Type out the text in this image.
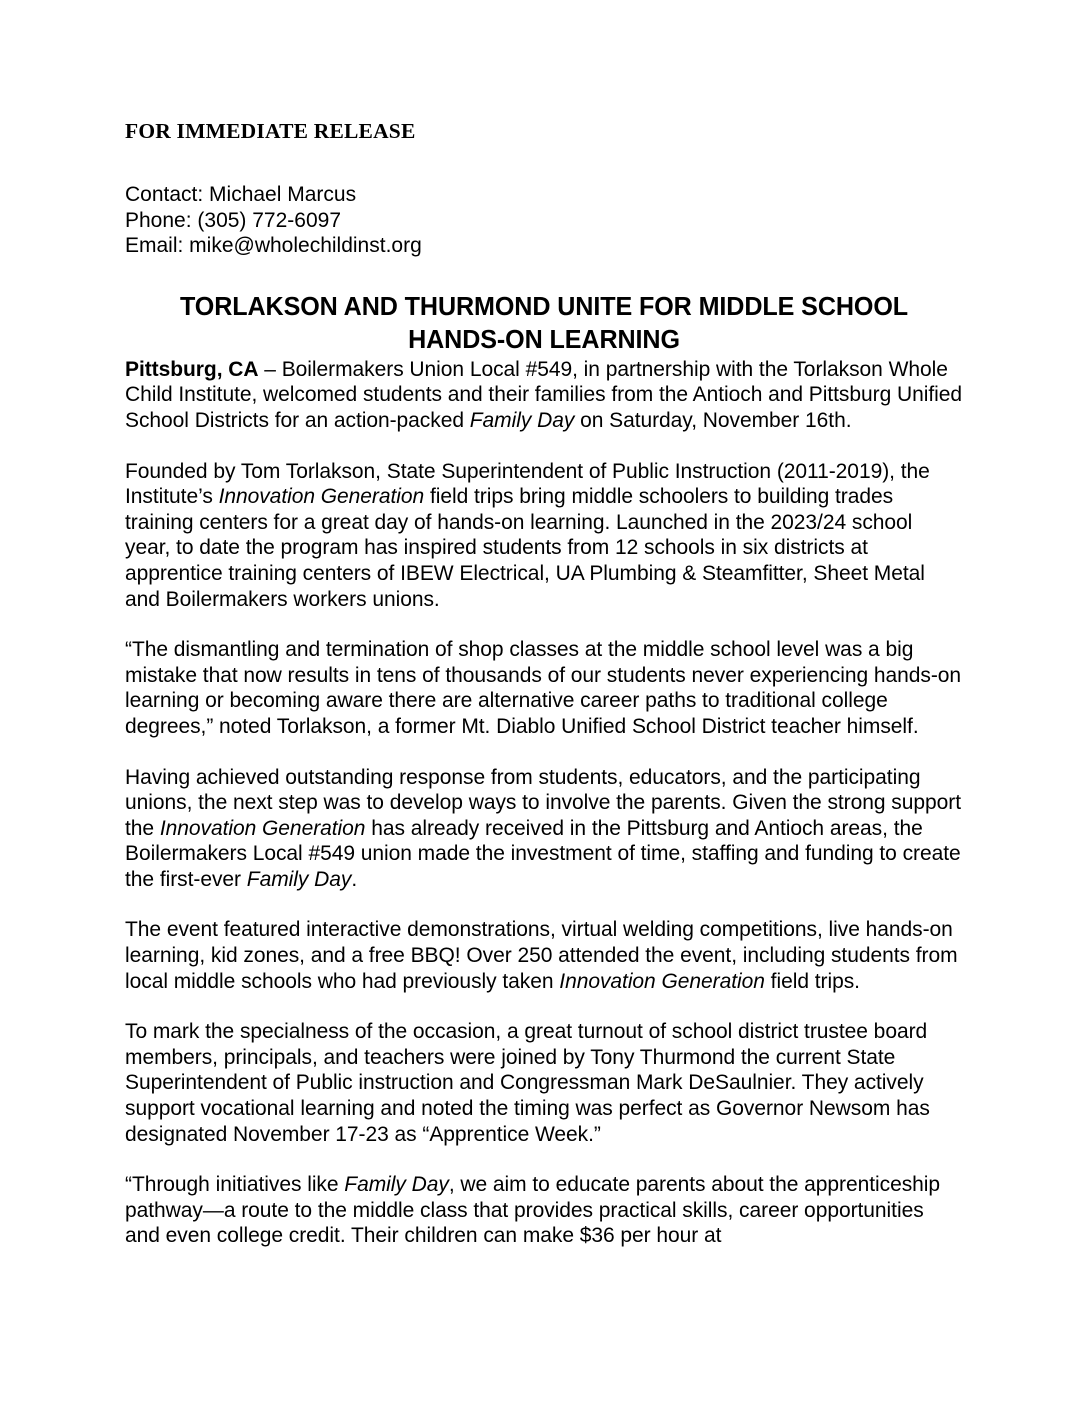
FOR IMMEDIATE RELEASE
Contact: Michael Marcus
Phone: (305) 772-6097
Email: mike@wholechildinst.org
TORLAKSON AND THURMOND UNITE FOR MIDDLE SCHOOL
HANDS-ON LEARNING

Pittsburg, CA – Boilermakers Union Local #549, in partnership with the Torlakson Whole Child Institute, welcomed students and their families from the Antioch and Pittsburg Unified School Districts for an action-packed Family Day on Saturday, November 16th.

Founded by Tom Torlakson, State Superintendent of Public Instruction (2011-2019), the Institute’s Innovation Generation field trips bring middle schoolers to building trades training centers for a great day of hands-on learning. Launched in the 2023/24 school year, to date the program has inspired students from 12 schools in six districts at apprentice training centers of IBEW Electrical, UA Plumbing & Steamfitter, Sheet Metal and Boilermakers workers unions.

“The dismantling and termination of shop classes at the middle school level was a big mistake that now results in tens of thousands of our students never experiencing hands-on learning or becoming aware there are alternative career paths to traditional college degrees,” noted Torlakson, a former Mt. Diablo Unified School District teacher himself.

Having achieved outstanding response from students, educators, and the participating unions, the next step was to develop ways to involve the parents. Given the strong support the Innovation Generation has already received in the Pittsburg and Antioch areas, the Boilermakers Local #549 union made the investment of time, staffing and funding to create the first-ever Family Day.

The event featured interactive demonstrations, virtual welding competitions, live hands-on learning, kid zones, and a free BBQ! Over 250 attended the event, including students from local middle schools who had previously taken Innovation Generation field trips.

To mark the specialness of the occasion, a great turnout of school district trustee board members, principals, and teachers were joined by Tony Thurmond the current State Superintendent of Public instruction and Congressman Mark DeSaulnier. They actively support vocational learning and noted the timing was perfect as Governor Newsom has designated November 17-23 as “Apprentice Week.”

“Through initiatives like Family Day, we aim to educate parents about the apprenticeship pathway—a route to the middle class that provides practical skills, career opportunities and even college credit. Their children can make $36 per hour at
